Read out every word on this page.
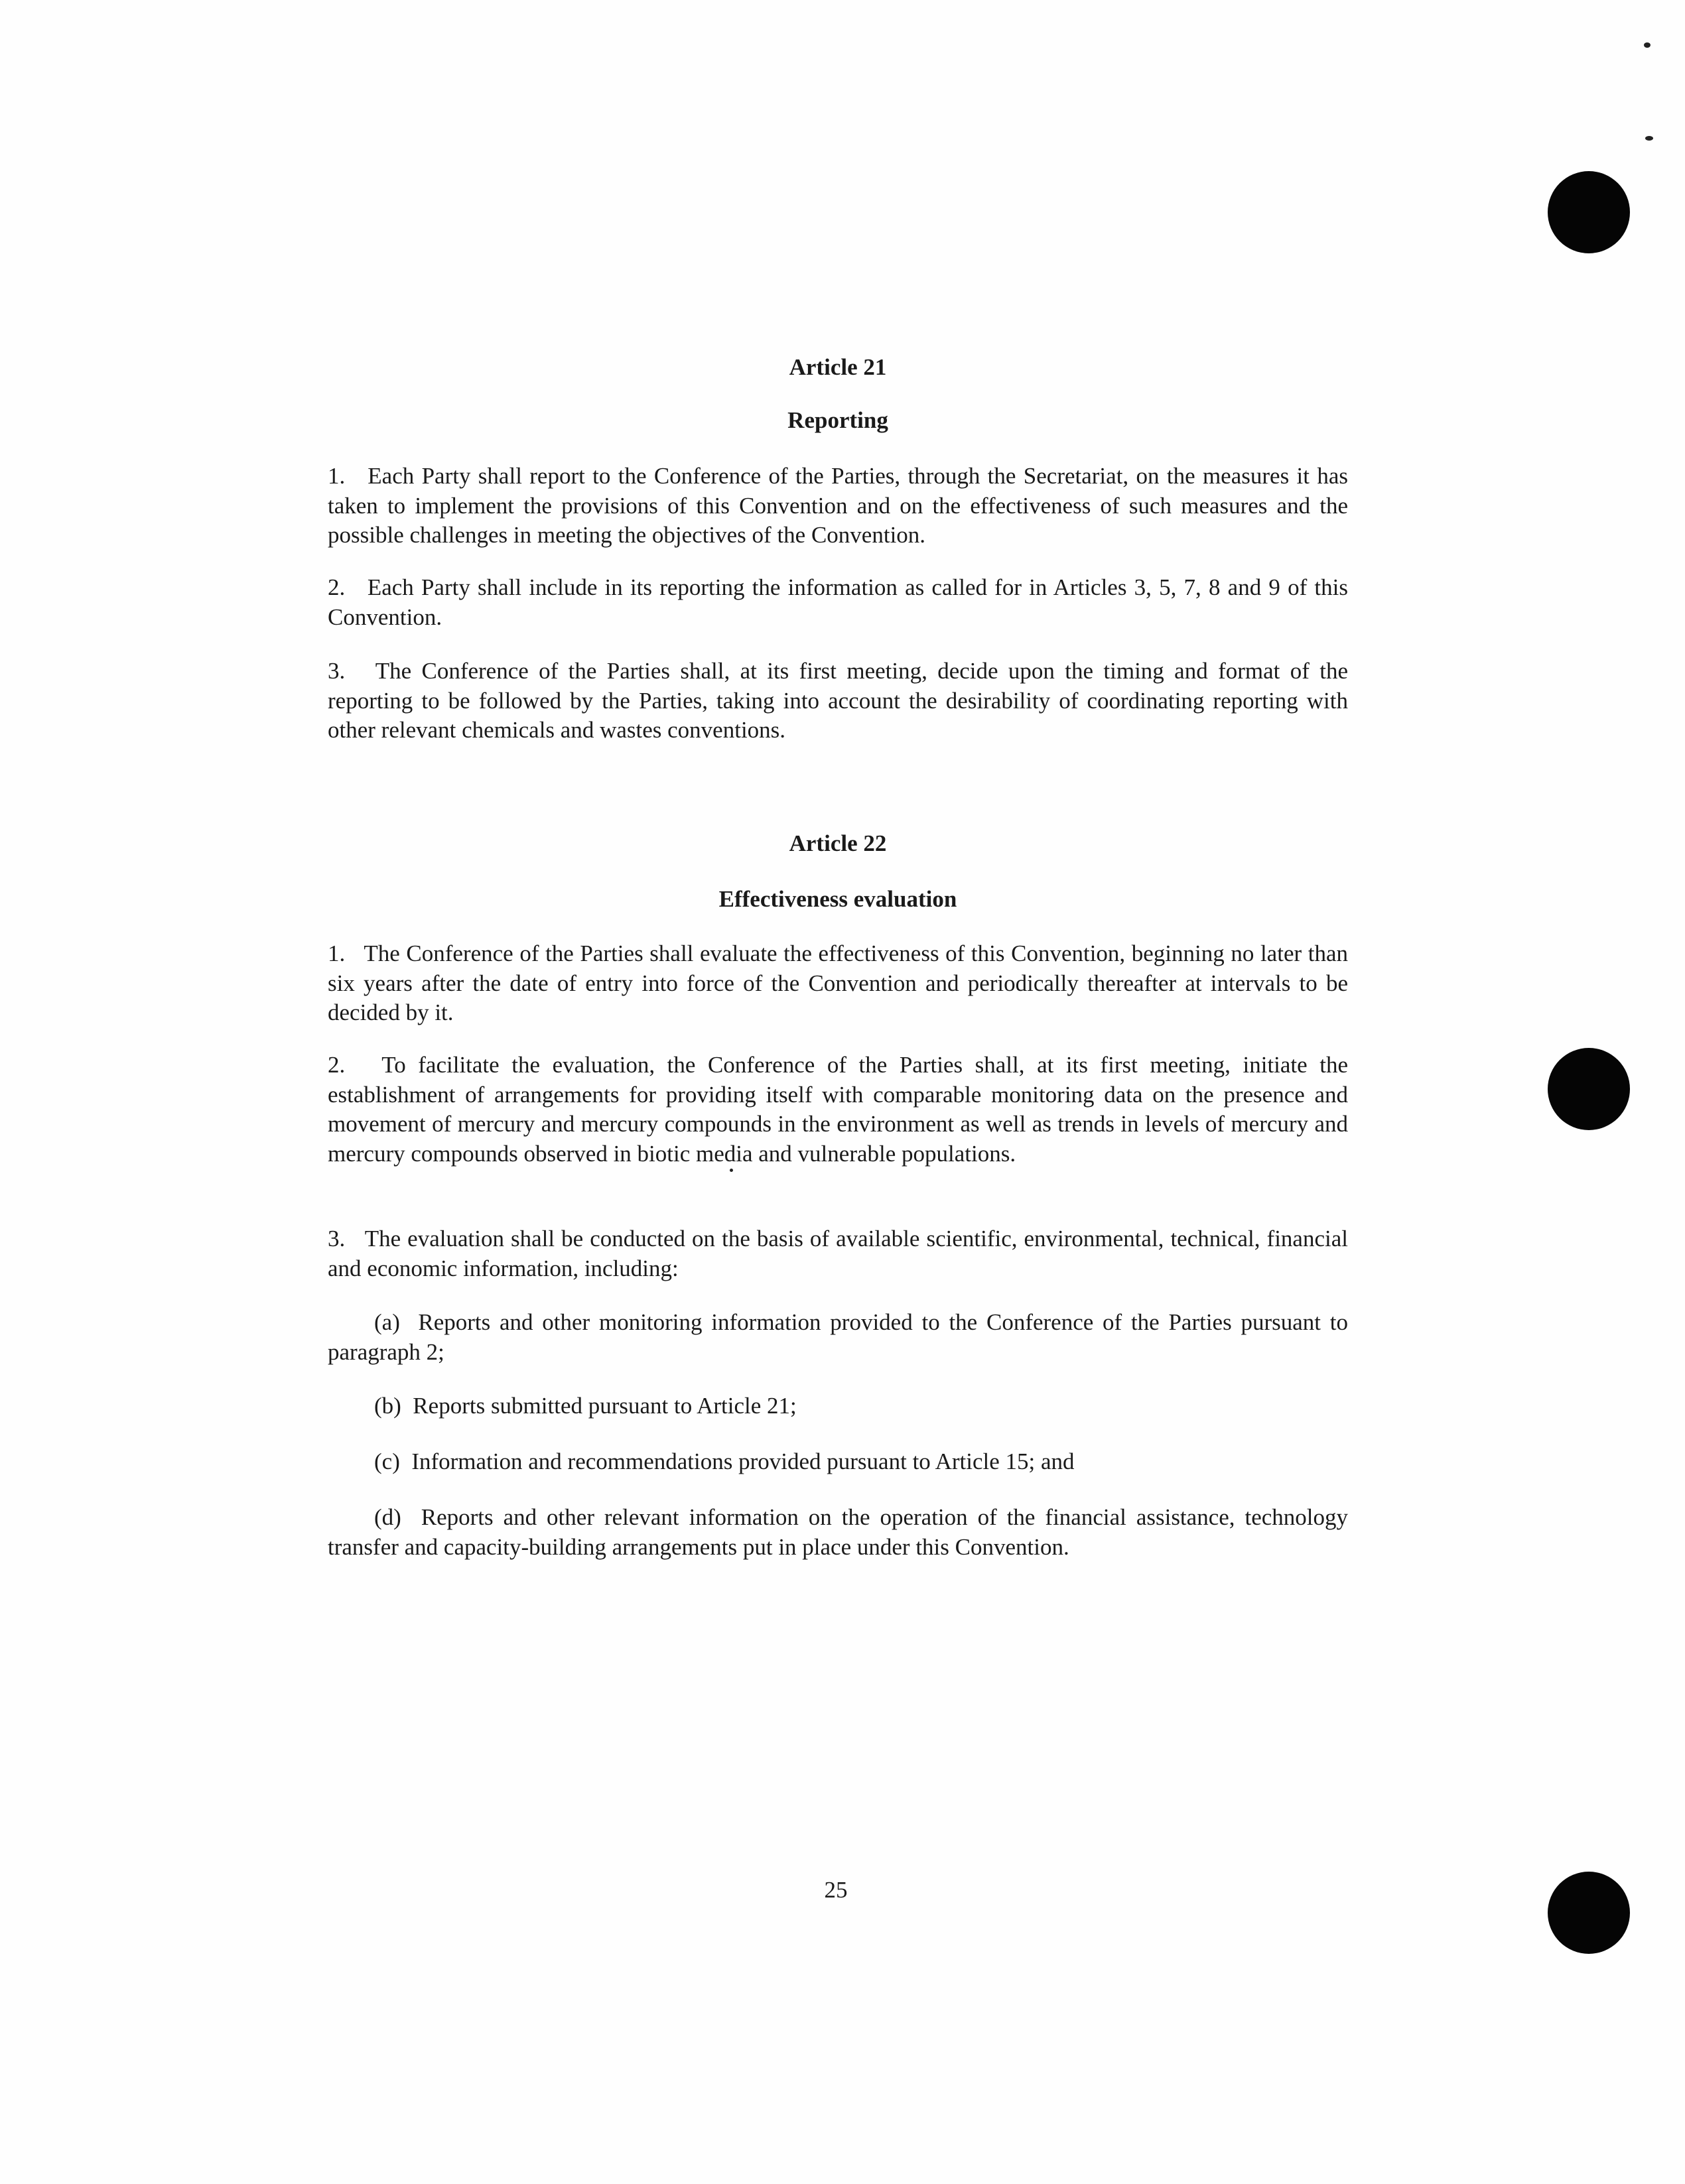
Article 21
Reporting

1.   Each Party shall report to the Conference of the Parties, through the Secretariat, on the measures it has taken to implement the provisions of this Convention and on the effectiveness of such measures and the possible challenges in meeting the objectives of the Convention.

2.   Each Party shall include in its reporting the information as called for in Articles 3, 5, 7, 8 and 9 of this Convention.

3.   The Conference of the Parties shall, at its first meeting, decide upon the timing and format of the reporting to be followed by the Parties, taking into account the desirability of coordinating reporting with other relevant chemicals and wastes conventions.

Article 22
Effectiveness evaluation

1.   The Conference of the Parties shall evaluate the effectiveness of this Convention, beginning no later than six years after the date of entry into force of the Convention and periodically thereafter at intervals to be decided by it.

2.   To facilitate the evaluation, the Conference of the Parties shall, at its first meeting, initiate the establishment of arrangements for providing itself with comparable monitoring data on the presence and movement of mercury and mercury compounds in the environment as well as trends in levels of mercury and mercury compounds observed in biotic media and vulnerable populations.

3.   The evaluation shall be conducted on the basis of available scientific, environmental, technical, financial and economic information, including:

(a)  Reports and other monitoring information provided to the Conference of the Parties pursuant to paragraph 2;

(b)  Reports submitted pursuant to Article 21;

(c)  Information and recommendations provided pursuant to Article 15; and

(d)  Reports and other relevant information on the operation of the financial assistance, technology transfer and capacity-building arrangements put in place under this Convention.

25
